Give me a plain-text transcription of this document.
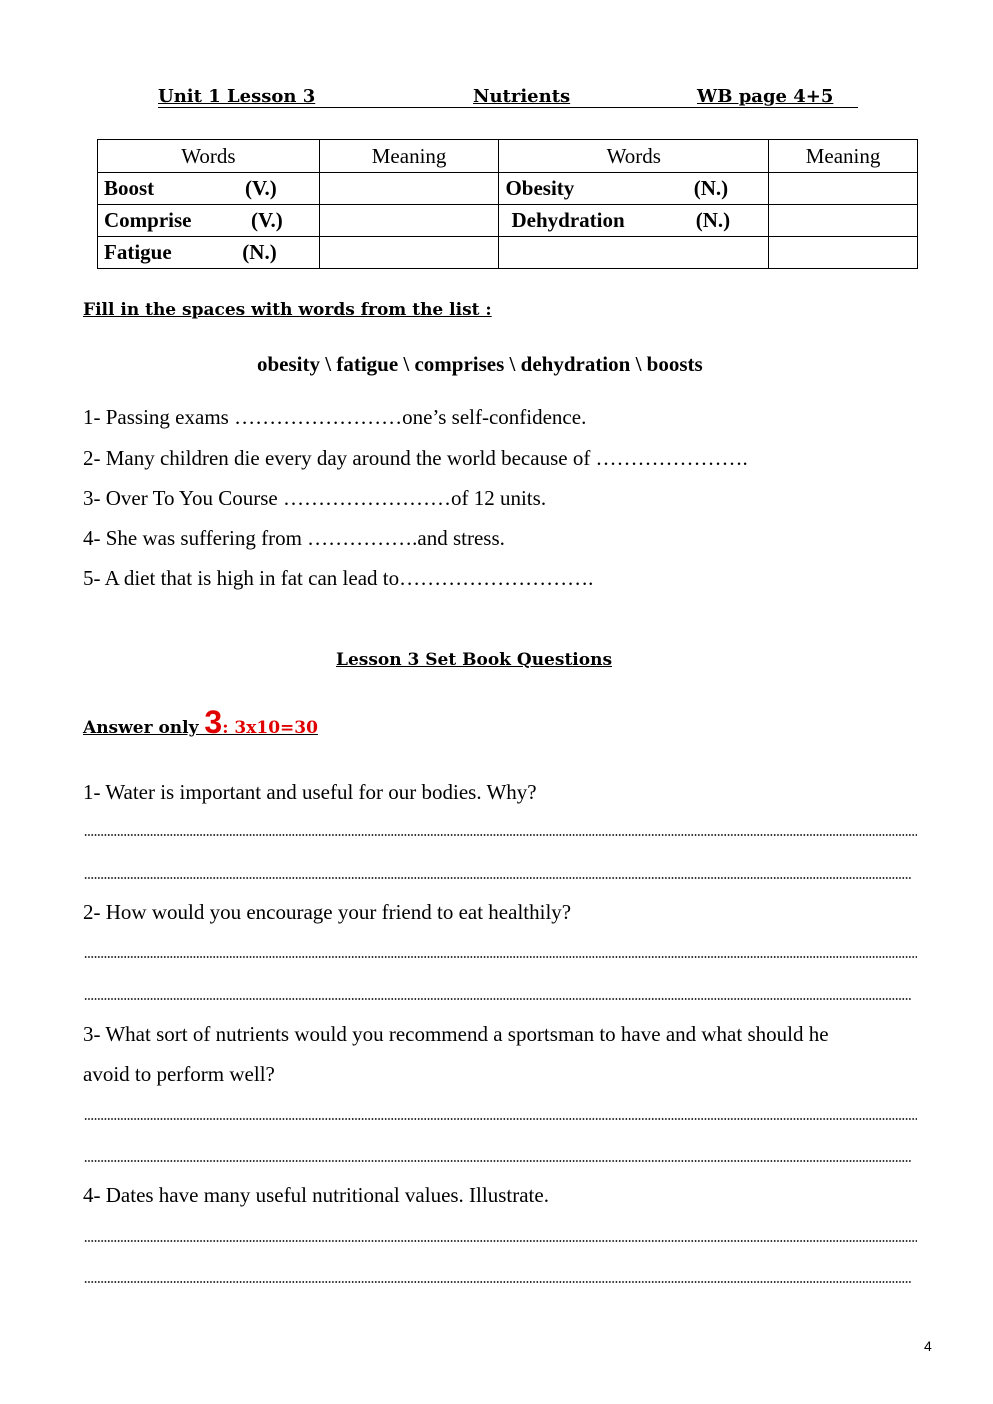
Unit 1 Lesson 3	Nutrients	WB page 4+5
Words	Meaning	Words	Meaning
Boost (V.)		Obesity (N.)	

Comprise (V.)		Dehydration (N.)	

Fatigue (N.)			

Fill in the spaces with words from the list :
obesity \ fatigue \ comprises \ dehydration \ boosts
1- Passing exams ……………………one’s self-confidence.
2- Many children die every day around the world because of ………………….
3- Over To You Course ……………………of 12 units.
4- She was suffering from …………….and stress.
5- A diet that is high in fat can lead to……………………….
Lesson 3 Set Book Questions
Answer only 3: 3x10=30
1- Water is important and useful for our bodies. Why?
2- How would you encourage your friend to eat healthily?
3- What sort of nutrients would you recommend a sportsman to have and what should he
avoid to perform well?
4- Dates have many useful nutritional values. Illustrate.
4
